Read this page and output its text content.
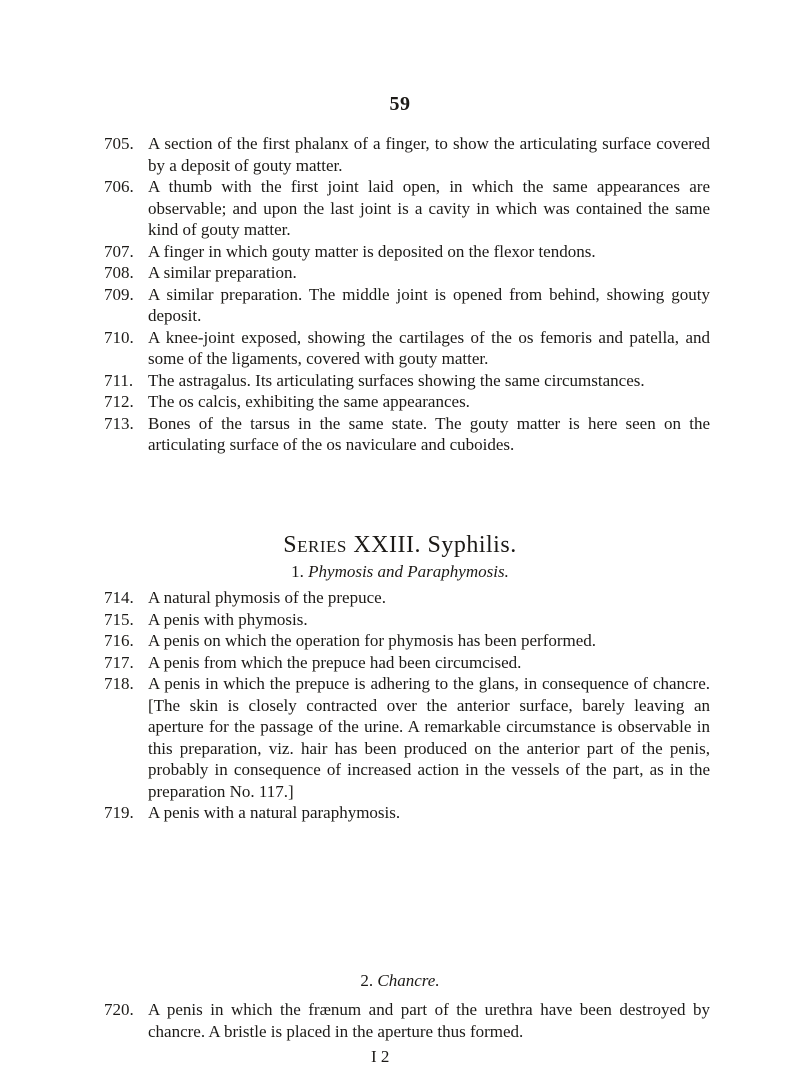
59
705. A section of the first phalanx of a finger, to show the articulating surface covered by a deposit of gouty matter.
706. A thumb with the first joint laid open, in which the same appearances are observable; and upon the last joint is a cavity in which was contained the same kind of gouty matter.
707. A finger in which gouty matter is deposited on the flexor tendons.
708. A similar preparation.
709. A similar preparation. The middle joint is opened from behind, showing gouty deposit.
710. A knee-joint exposed, showing the cartilages of the os femoris and patella, and some of the ligaments, covered with gouty matter.
711. The astragalus. Its articulating surfaces showing the same circumstances.
712. The os calcis, exhibiting the same appearances.
713. Bones of the tarsus in the same state. The gouty matter is here seen on the articulating surface of the os naviculare and cuboides.
Series XXIII. Syphilis.
1. Phymosis and Paraphymosis.
714. A natural phymosis of the prepuce.
715. A penis with phymosis.
716. A penis on which the operation for phymosis has been performed.
717. A penis from which the prepuce had been circumcised.
718. A penis in which the prepuce is adhering to the glans, in consequence of chancre. [The skin is closely contracted over the anterior surface, barely leaving an aperture for the passage of the urine. A remarkable circumstance is observable in this preparation, viz. hair has been produced on the anterior part of the penis, probably in consequence of increased action in the vessels of the part, as in the preparation No. 117.]
719. A penis with a natural paraphymosis.
2. Chancre.
720. A penis in which the frænum and part of the urethra have been destroyed by chancre. A bristle is placed in the aperture thus formed.
I 2
